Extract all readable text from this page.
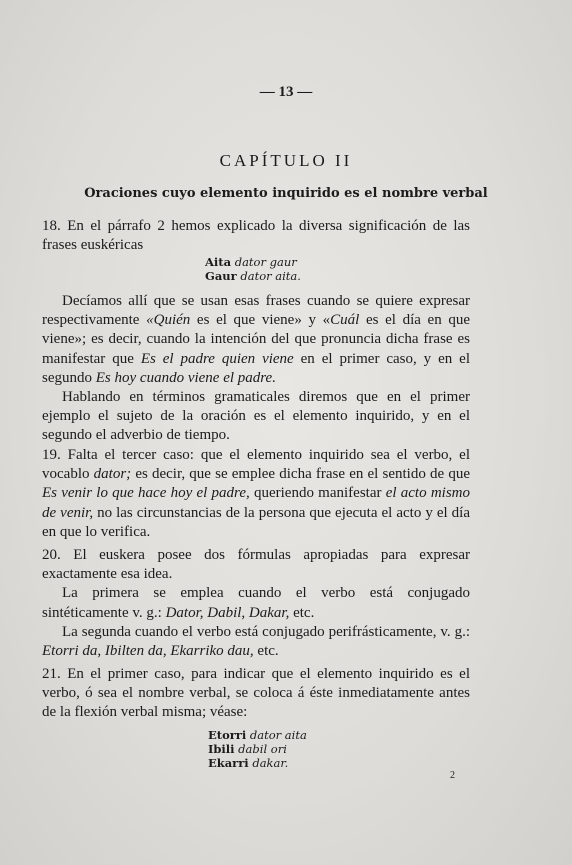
— 13 —
CAPÍTULO II
Oraciones cuyo elemento inquirido es el nombre verbal

18. En el párrafo 2 hemos explicado la diversa significación de las frases euskéricas

Aita dator gaur
Gaur dator aita.

Decíamos allí que se usan esas frases cuando se quiere expresar respectivamente «Quién es el que viene» y «Cuál es el día en que viene»; es decir, cuando la intención del que pronuncia dicha frase es manifestar que Es el padre quien viene en el primer caso, y en el segundo Es hoy cuando viene el padre.

Hablando en términos gramaticales diremos que en el primer ejemplo el sujeto de la oración es el elemento inquirido, y en el segundo el adverbio de tiempo.

19. Falta el tercer caso: que el elemento inquirido sea el verbo, el vocablo dator; es decir, que se emplee dicha frase en el sentido de que Es venir lo que hace hoy el padre, queriendo manifestar el acto mismo de venir, no las circunstancias de la persona que ejecuta el acto y el día en que lo verifica.

20. El euskera posee dos fórmulas apropiadas para expresar exactamente esa idea.

La primera se emplea cuando el verbo está conjugado sintéticamente v. g.: Dator, Dabil, Dakar, etc.

La segunda cuando el verbo está conjugado perifrásticamente, v. g.: Etorri da, Ibilten da, Ekarriko dau, etc.

21. En el primer caso, para indicar que el elemento inquirido es el verbo, ó sea el nombre verbal, se coloca á éste inmediatamente antes de la flexión verbal misma; véase:

Etorri dator aita
Ibili dabil ori
Ekarri dakar.
2
